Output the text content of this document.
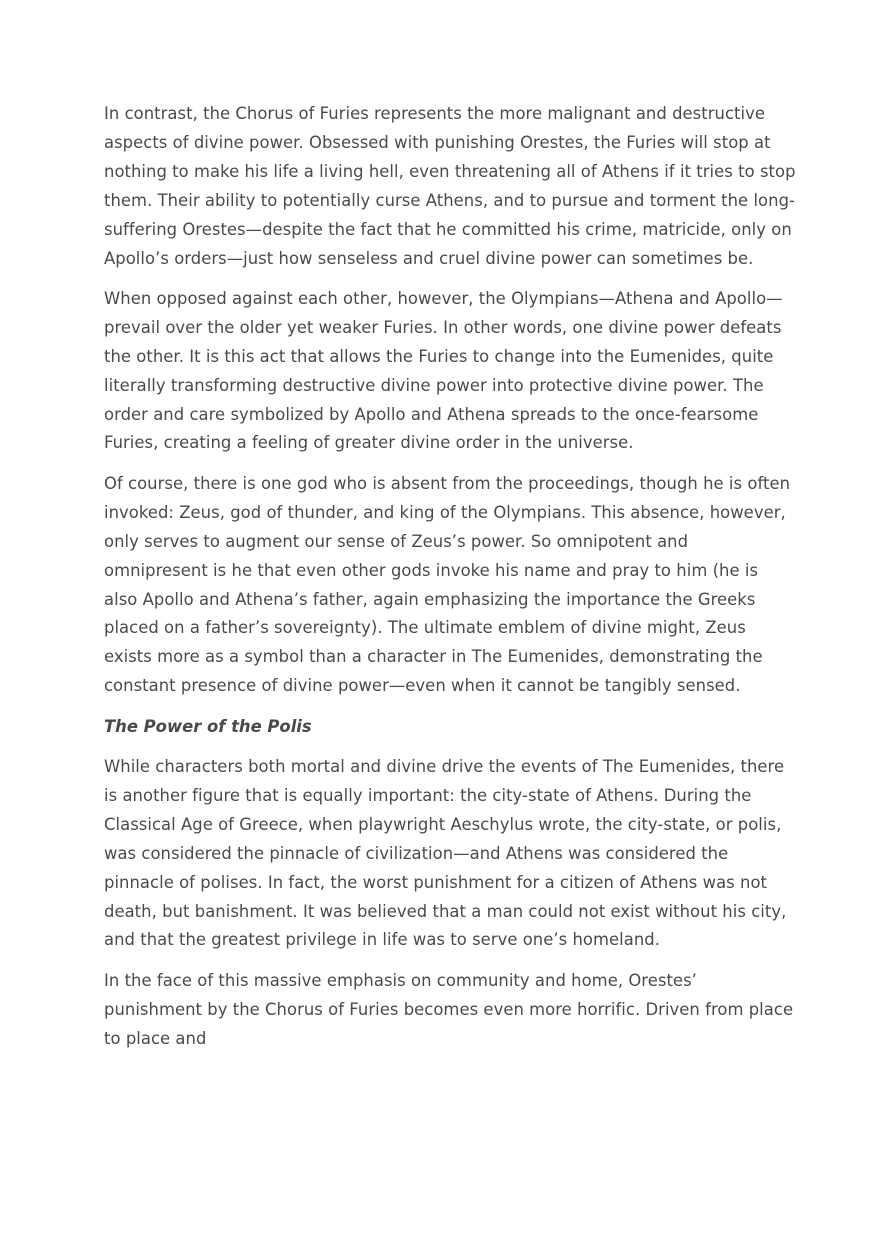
In contrast, the Chorus of Furies represents the more malignant and destructive aspects of divine power. Obsessed with punishing Orestes, the Furies will stop at nothing to make his life a living hell, even threatening all of Athens if it tries to stop them. Their ability to potentially curse Athens, and to pursue and torment the long-suffering Orestes—despite the fact that he committed his crime, matricide, only on Apollo’s orders—just how senseless and cruel divine power can sometimes be.

When opposed against each other, however, the Olympians—Athena and Apollo—prevail over the older yet weaker Furies. In other words, one divine power defeats the other. It is this act that allows the Furies to change into the Eumenides, quite literally transforming destructive divine power into protective divine power. The order and care symbolized by Apollo and Athena spreads to the once-fearsome Furies, creating a feeling of greater divine order in the universe.

Of course, there is one god who is absent from the proceedings, though he is often invoked: Zeus, god of thunder, and king of the Olympians. This absence, however, only serves to augment our sense of Zeus’s power. So omnipotent and omnipresent is he that even other gods invoke his name and pray to him (he is also Apollo and Athena’s father, again emphasizing the importance the Greeks placed on a father’s sovereignty). The ultimate emblem of divine might, Zeus exists more as a symbol than a character in The Eumenides, demonstrating the constant presence of divine power—even when it cannot be tangibly sensed.

The Power of the Polis

While characters both mortal and divine drive the events of The Eumenides, there is another figure that is equally important: the city-state of Athens. During the Classical Age of Greece, when playwright Aeschylus wrote, the city-state, or polis, was considered the pinnacle of civilization—and Athens was considered the pinnacle of polises. In fact, the worst punishment for a citizen of Athens was not death, but banishment. It was believed that a man could not exist without his city, and that the greatest privilege in life was to serve one’s homeland.

In the face of this massive emphasis on community and home, Orestes’ punishment by the Chorus of Furies becomes even more horrific. Driven from place to place and
